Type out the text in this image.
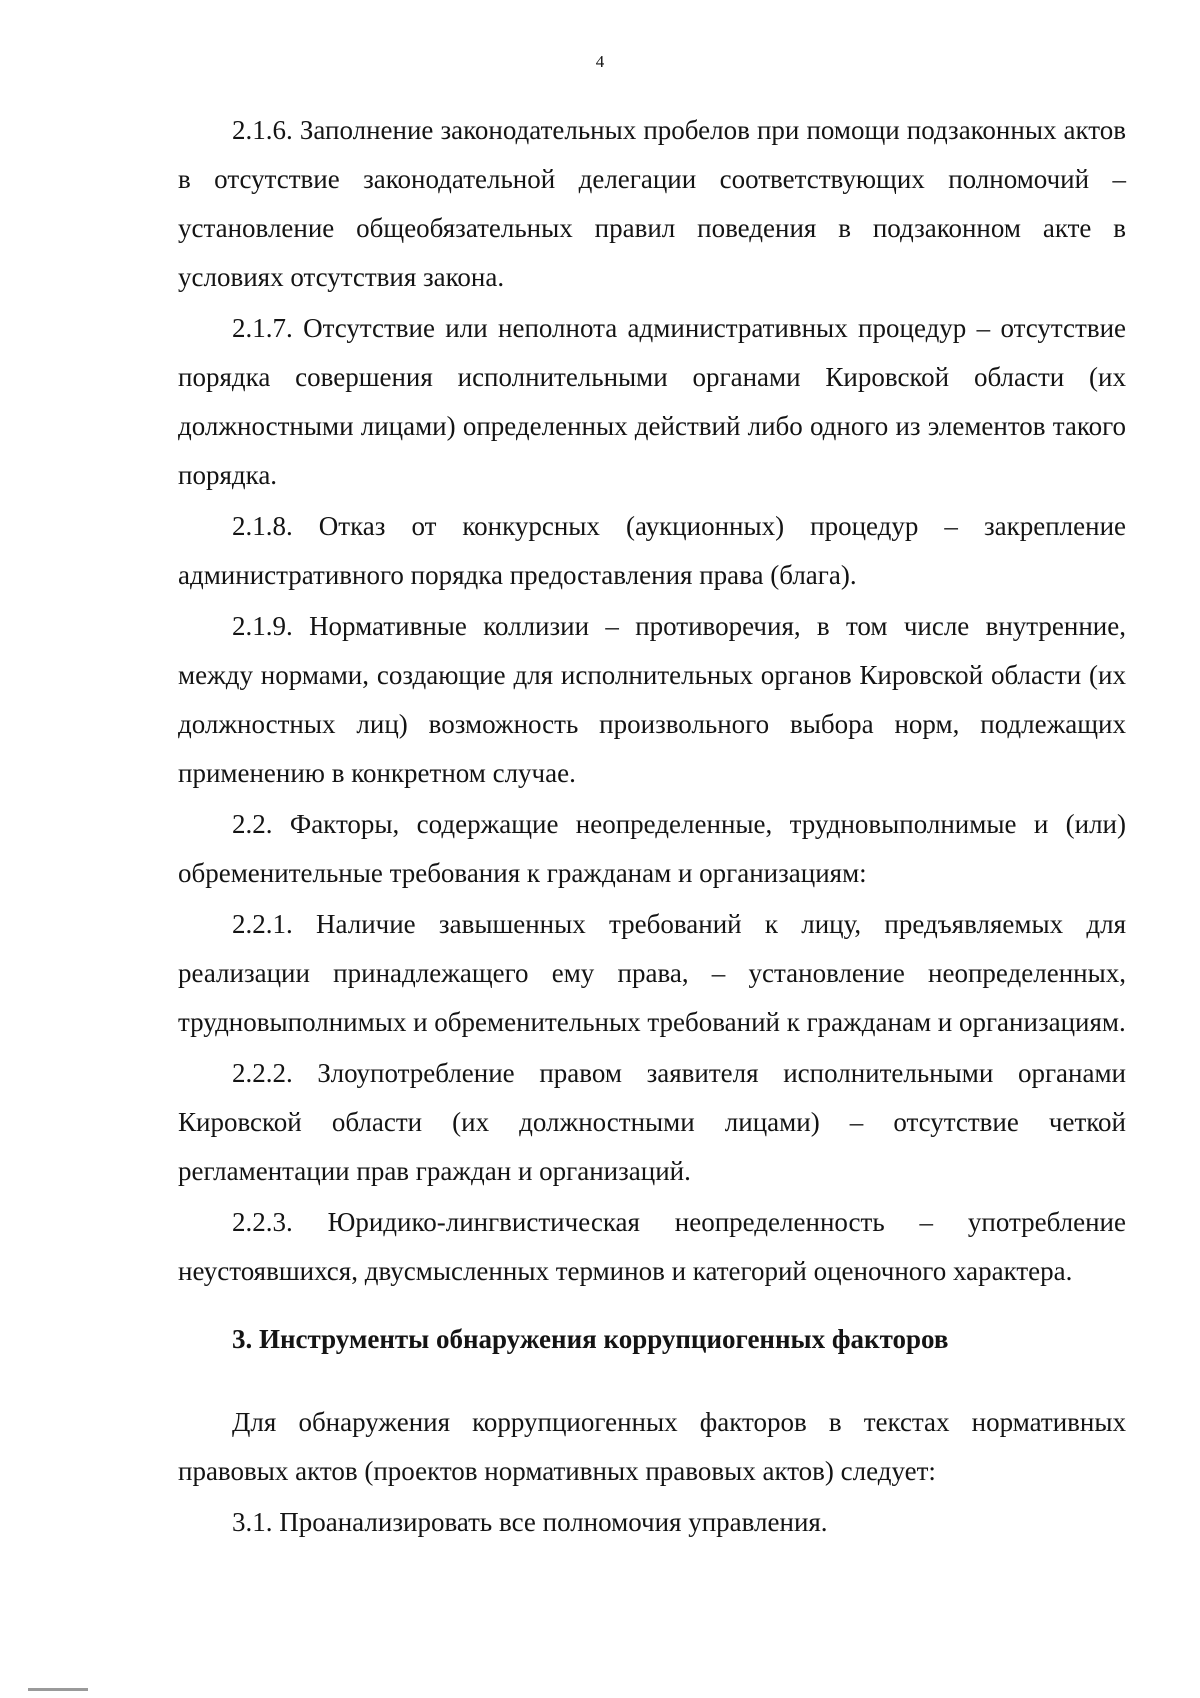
4

2.1.6. Заполнение законодательных пробелов при помощи подзаконных актов в отсутствие законодательной делегации соответствующих полномочий – установление общеобязательных правил поведения в подзаконном акте в условиях отсутствия закона.

2.1.7. Отсутствие или неполнота административных процедур – отсутствие порядка совершения исполнительными органами Кировской области (их должностными лицами) определенных действий либо одного из элементов такого порядка.

2.1.8. Отказ от конкурсных (аукционных) процедур – закрепление административного порядка предоставления права (блага).

2.1.9. Нормативные коллизии – противоречия, в том числе внутренние, между нормами, создающие для исполнительных органов Кировской области (их должностных лиц) возможность произвольного выбора норм, подлежащих применению в конкретном случае.

2.2. Факторы, содержащие неопределенные, трудновыполнимые и (или) обременительные требования к гражданам и организациям:

2.2.1. Наличие завышенных требований к лицу, предъявляемых для реализации принадлежащего ему права, – установление неопределенных, трудновыполнимых и обременительных требований к гражданам и организациям.

2.2.2. Злоупотребление правом заявителя исполнительными органами Кировской области (их должностными лицами) – отсутствие четкой регламентации прав граждан и организаций.

2.2.3. Юридико-лингвистическая неопределенность – употребление неустоявшихся, двусмысленных терминов и категорий оценочного характера.

3. Инструменты обнаружения коррупциогенных факторов

Для обнаружения коррупциогенных факторов в текстах нормативных правовых актов (проектов нормативных правовых актов) следует:

3.1. Проанализировать все полномочия управления.
